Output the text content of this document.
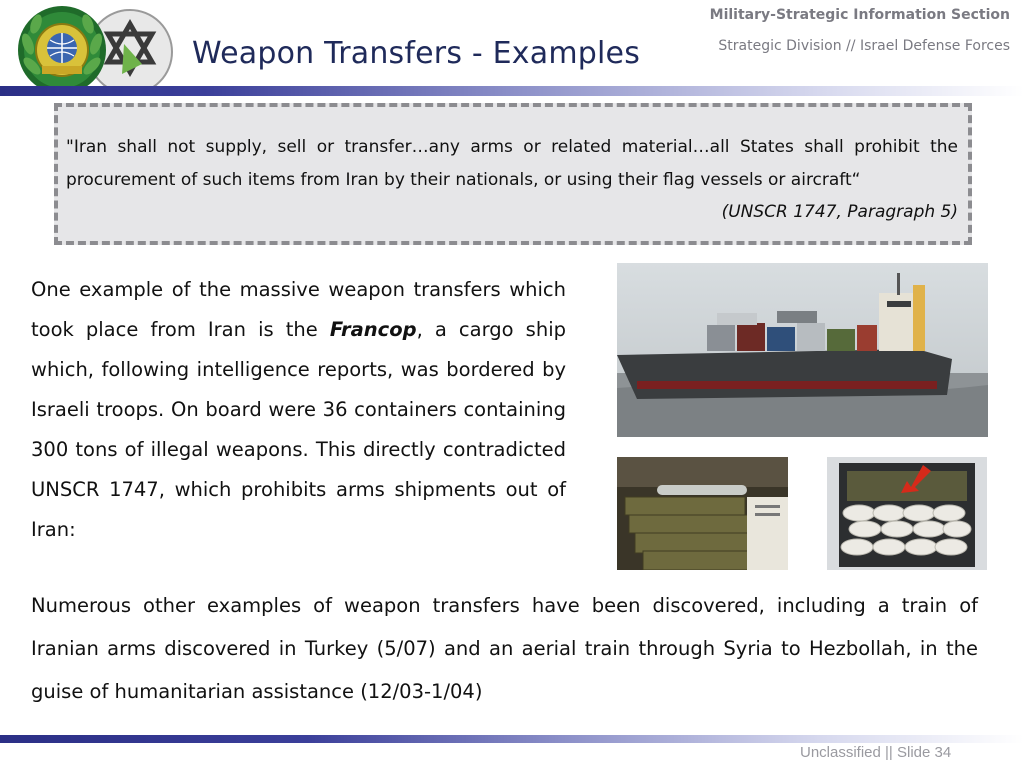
Weapon Transfers - Examples
Military-Strategic Information Section
Strategic Division // Israel Defense Forces
"Iran shall not supply, sell or transfer…any arms or related material…all States shall prohibit the procurement of such items from Iran by their nationals, or using their flag vessels or aircraft“
(UNSCR 1747, Paragraph 5)
One example of the massive weapon transfers which took place from Iran is the Francop, a cargo ship which, following intelligence reports, was bordered by Israeli troops. On board were 36 containers containing 300 tons of illegal weapons. This directly contradicted UNSCR 1747, which prohibits arms shipments out of Iran:
Numerous other examples of weapon transfers have been discovered, including a train of Iranian arms discovered in Turkey (5/07) and an aerial train through Syria to Hezbollah, in the guise of humanitarian assistance (12/03-1/04)
Unclassified || Slide 34
